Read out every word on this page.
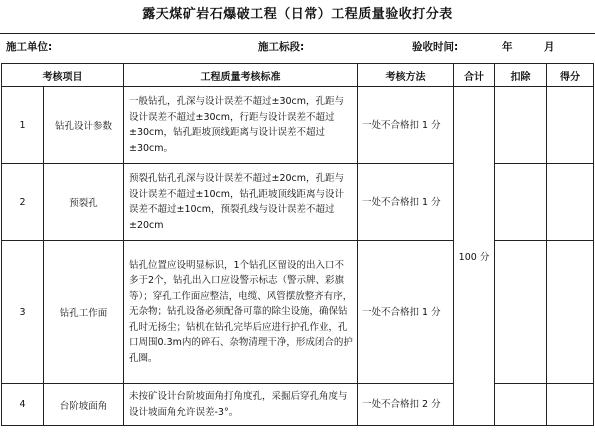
露天煤矿岩石爆破工程（日常）工程质量验收打分表
施工单位:	施工标段:	验收时间:	年	月
考核项目		工程质量考核标准	考核方法	合计	扣除	得分
1	钻孔设计参数	一般钻孔，孔深与设计误差不超过±30cm，孔距与设计误差不超过±30cm，行距与设计误差不超过±30cm，钻孔距坡顶线距离与设计误差不超过±30cm。	一处不合格扣 1 分	100 分		
2	预裂孔	预裂孔钻孔孔深与设计误差不超过±20cm，孔距与设计误差不超过±10cm，钻孔距坡顶线距离与设计误差不超过±10cm，预裂孔线与设计误差不超过±20cm	一处不合格扣 1 分			
3	钻孔工作面	钻孔位置应设明显标识，1个钻孔区留设的出入口不多于2个，钻孔出入口应设警示标志（警示牌、彩旗等）；穿孔工作面应整洁，电缆、风管摆放整齐有序，无杂物；钻孔设备必须配备可靠的除尘设施，确保钻孔时无扬尘；钻机在钻孔完毕后应进行护孔作业，孔口周围0.3m内的碎石、杂物清理干净，形成闭合的护孔圈。	一处不合格扣 1 分			
4	台阶坡面角	未按矿设计台阶坡面角打角度孔，采掘后穿孔角度与设计坡面角允许误差-3°。	一处不合格扣 2 分			
